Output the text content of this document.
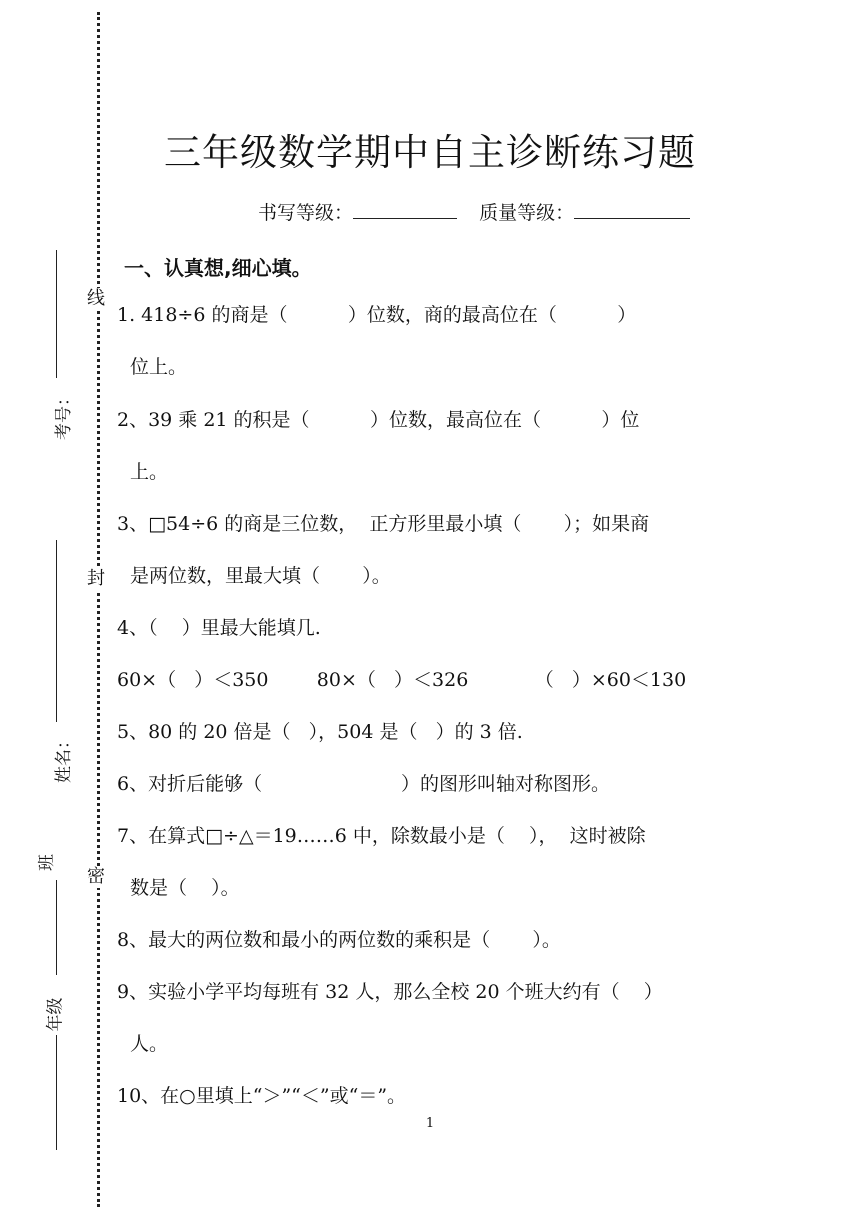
线
封
密
考号：
姓名：
班
年级
三年级数学期中自主诊断练习题
书写等级：	质量等级：
一、认真想,细心填。
1. 418÷6 的商是（          ）位数，商的最高位在（          ）
位上。
2、39 乘 21 的积是（          ）位数，最高位在（          ）位
上。
3、□54÷6 的商是三位数，  正方形里最小填（       ）；如果商
是两位数，里最大填（       ）。
4、（    ）里最大能填几.
60×（   ）＜350        80×（   ）＜326           （   ）×60＜130
5、80 的 20 倍是（   ），504 是（   ）的 3 倍.
6、对折后能够（                       ）的图形叫轴对称图形。
7、在算式□÷△＝19……6 中，除数最小是（    ），  这时被除
数是（    ）。
8、最大的两位数和最小的两位数的乘积是（       ）。
9、实验小学平均每班有 32 人，那么全校 20 个班大约有（    ）
人。
10、在○里填上“＞”“＜”或“＝”。
1
